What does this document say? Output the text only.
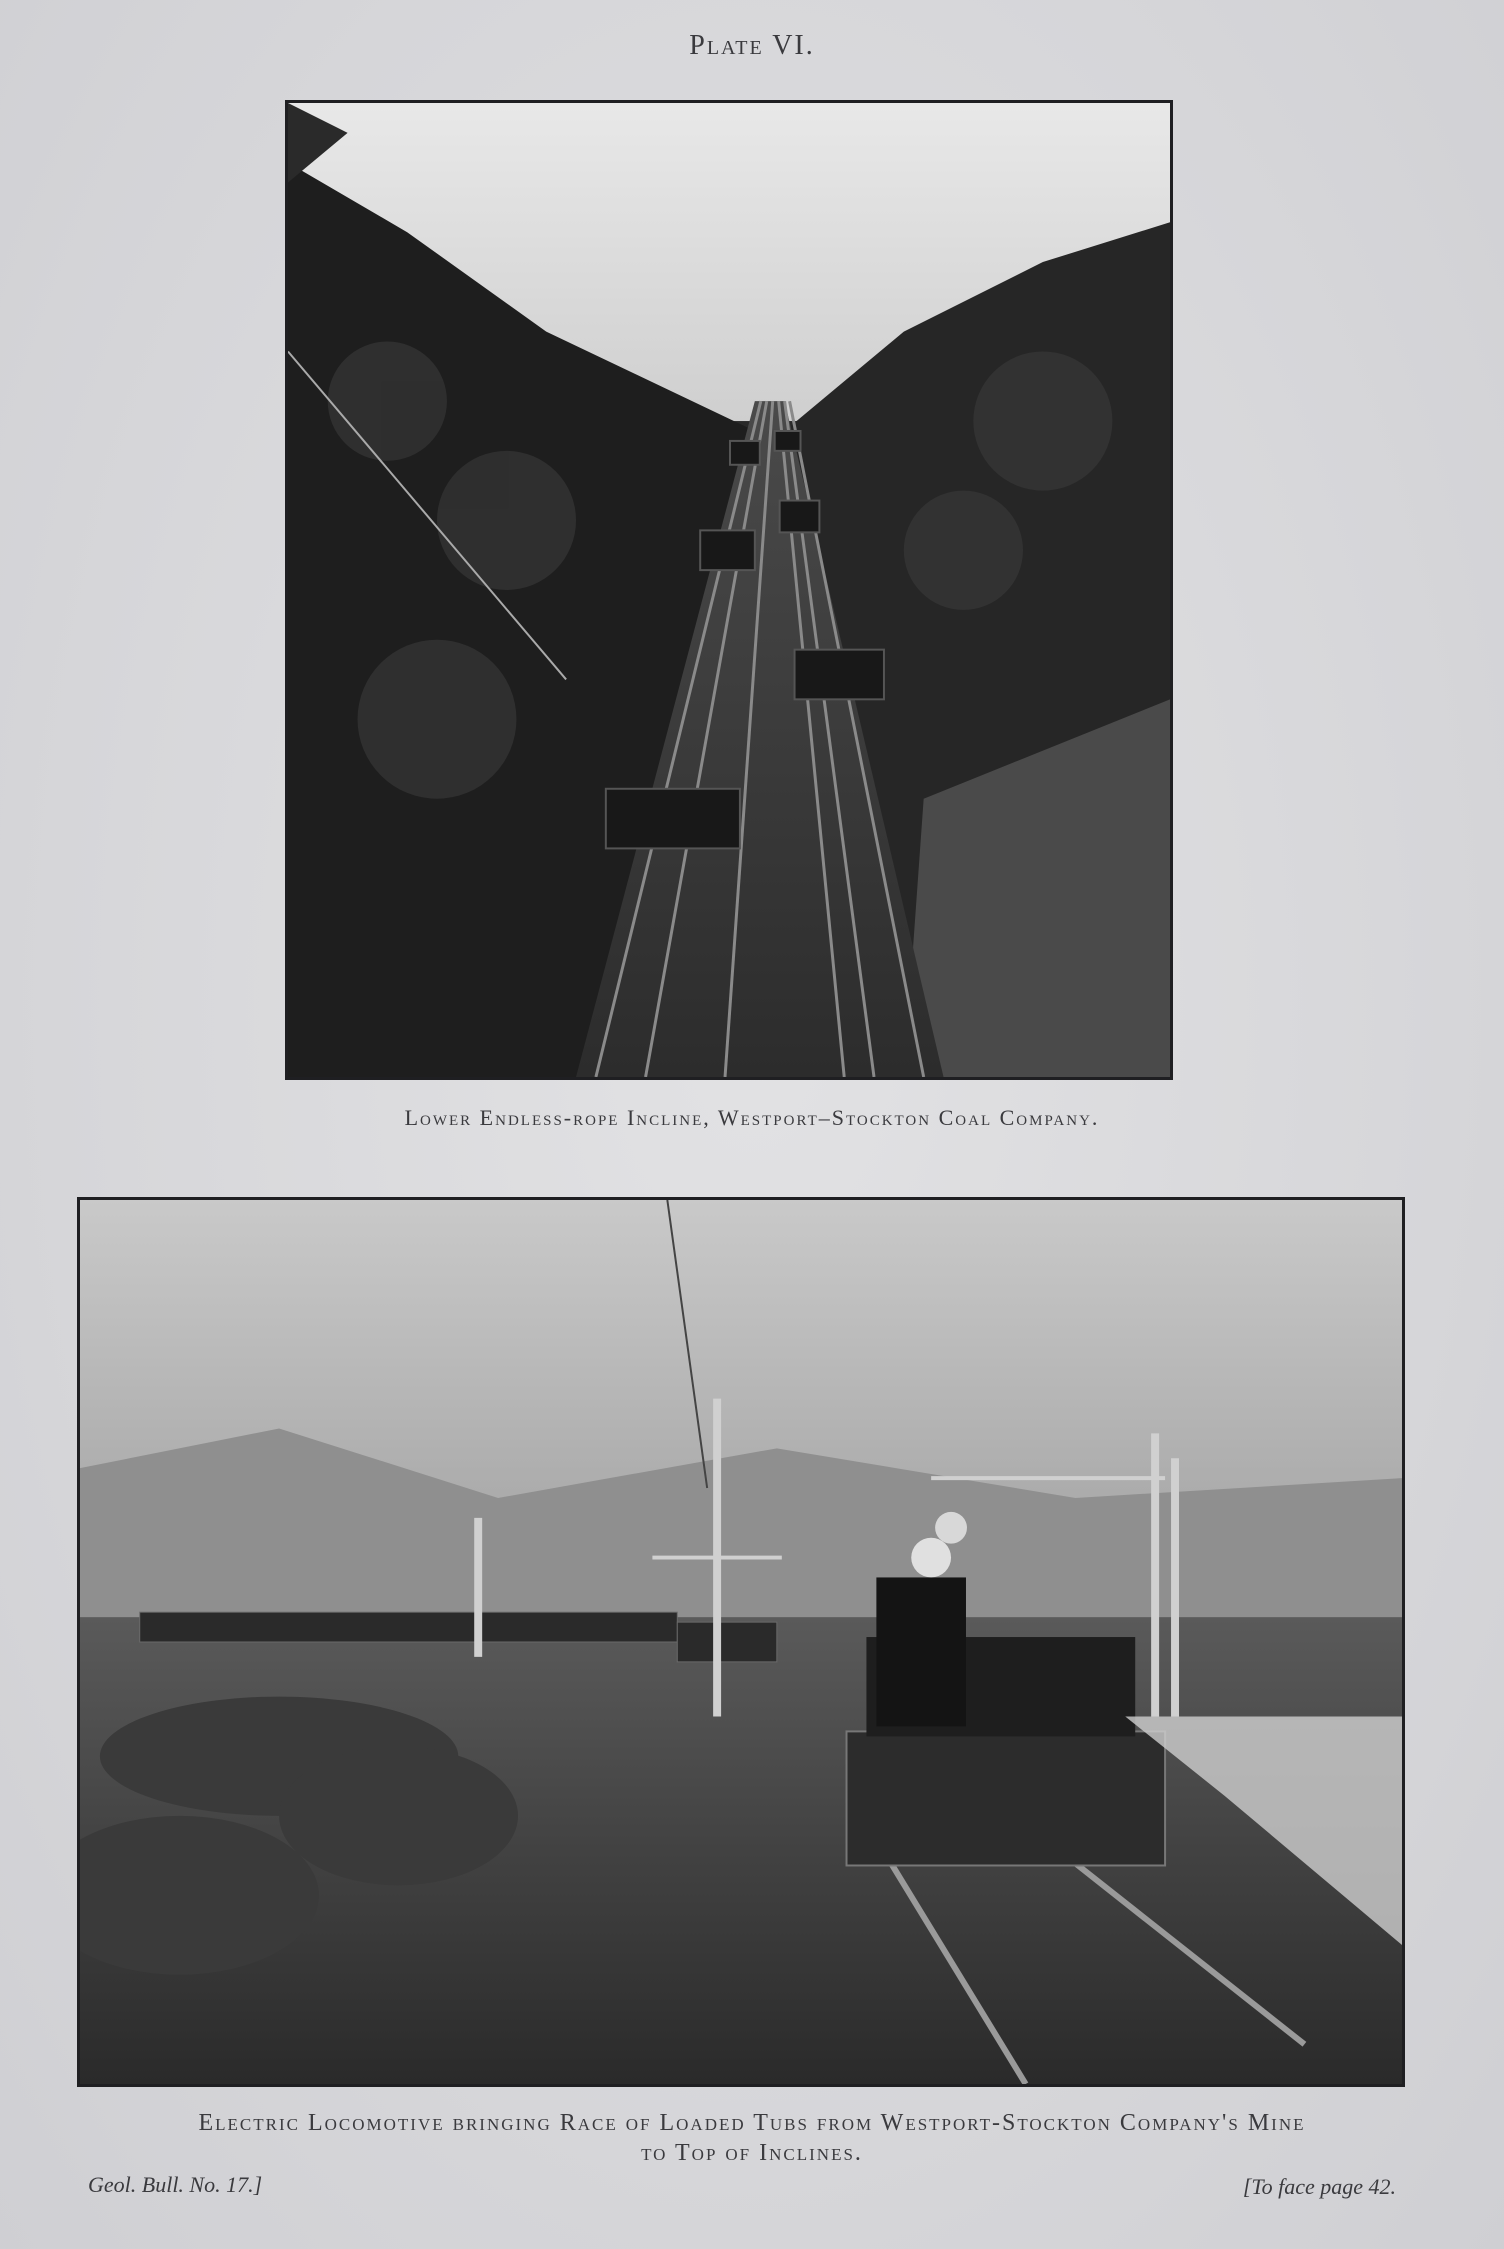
Plate VI.
Lower Endless-rope Incline, Westport–Stockton Coal Company.
Electric Locomotive bringing Race of Loaded Tubs from Westport-Stockton Company's Mine
to Top of Inclines.
Geol. Bull. No. 17.]	[To face page 42.
